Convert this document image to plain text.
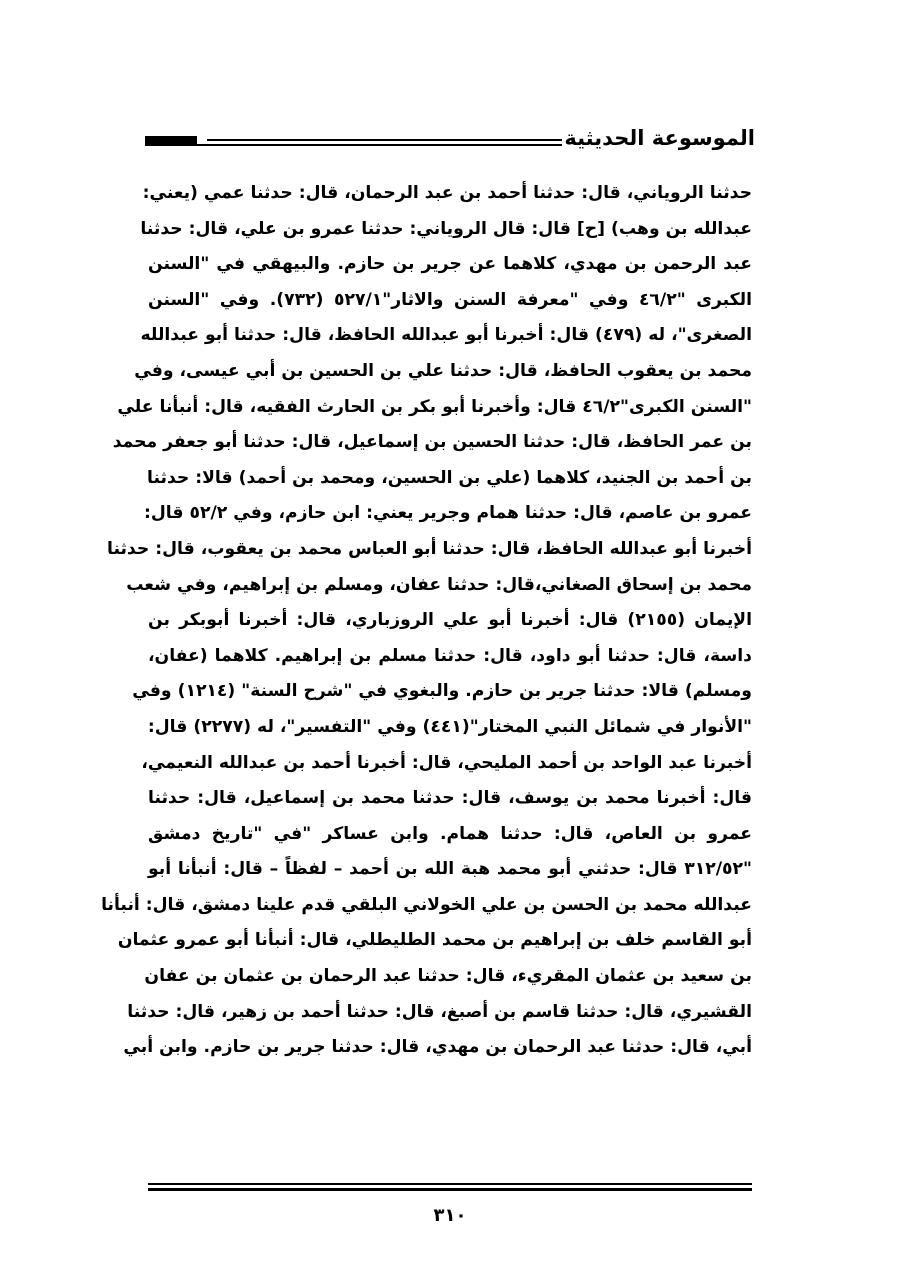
الموسوعة الحديثية
حدثنا الروياني، قال: حدثنا أحمد بن عبد الرحمان، قال: حدثنا عمي (يعني:
عبدالله بن وهب) [ح] قال: قال الروياني: حدثنا عمرو بن علي، قال: حدثنا
عبد الرحمن بن مهدي، كلاهما عن جرير بن حازم. والبيهقي في "السنن
الكبرى "٤٦/٢ وفي "معرفة السنن والاثار"٥٢٧/١ (٧٣٢). وفي "السنن
الصغرى"، له (٤٧٩) قال: أخبرنا أبو عبدالله الحافظ، قال: حدثنا أبو عبدالله
محمد بن يعقوب الحافظ، قال: حدثنا علي بن الحسين بن أبي عيسى، وفي
"السنن الكبرى"٤٦/٢ قال: وأخبرنا أبو بكر بن الحارث الفقيه، قال: أنبأنا علي
بن عمر الحافظ، قال: حدثنا الحسين بن إسماعيل، قال: حدثنا أبو جعفر محمد
بن أحمد بن الجنيد، كلاهما (علي بن الحسين، ومحمد بن أحمد) قالا: حدثنا
عمرو بن عاصم، قال: حدثنا همام وجرير يعني: ابن حازم، وفي ٥٢/٢ قال:
أخبرنا أبو عبدالله الحافظ، قال: حدثنا أبو العباس محمد بن يعقوب، قال: حدثنا
محمد بن إسحاق الصغاني،قال: حدثنا عفان، ومسلم بن إبراهيم، وفي شعب
الإيمان (٢١٥٥) قال: أخبرنا أبو علي الروزباري، قال: أخبرنا أبوبكر بن
داسة، قال: حدثنا أبو داود، قال: حدثنا مسلم بن إبراهيم. كلاهما (عفان،
ومسلم) قالا: حدثنا جرير بن حازم. والبغوي في "شرح السنة" (١٢١٤) وفي
"الأنوار في شمائل النبي المختار"(٤٤١) وفي "التفسير"، له (٢٢٧٧) قال:
أخبرنا عبد الواحد بن أحمد المليحي، قال: أخبرنا أحمد بن عبدالله النعيمي،
قال: أخبرنا محمد بن يوسف، قال: حدثنا محمد بن إسماعيل، قال: حدثنا
عمرو بن العاص، قال: حدثنا همام. وابن عساكر "في "تاريخ دمشق
"٣١٢/٥٢ قال: حدثني أبو محمد هبة الله بن أحمد – لفظاً – قال: أنبأنا أبو
عبدالله محمد بن الحسن بن علي الخولاني البلقي قدم علينا دمشق، قال: أنبأنا
أبو القاسم خلف بن إبراهيم بن محمد الطليطلي، قال: أنبأنا أبو عمرو عثمان
بن سعيد بن عثمان المقريء، قال: حدثنا عبد الرحمان بن عثمان بن عفان
القشيري، قال: حدثنا قاسم بن أصبغ، قال: حدثنا أحمد بن زهير، قال: حدثنا
أبي، قال: حدثنا عبد الرحمان بن مهدي، قال: حدثنا جرير بن حازم. وابن أبي
٣١٠
